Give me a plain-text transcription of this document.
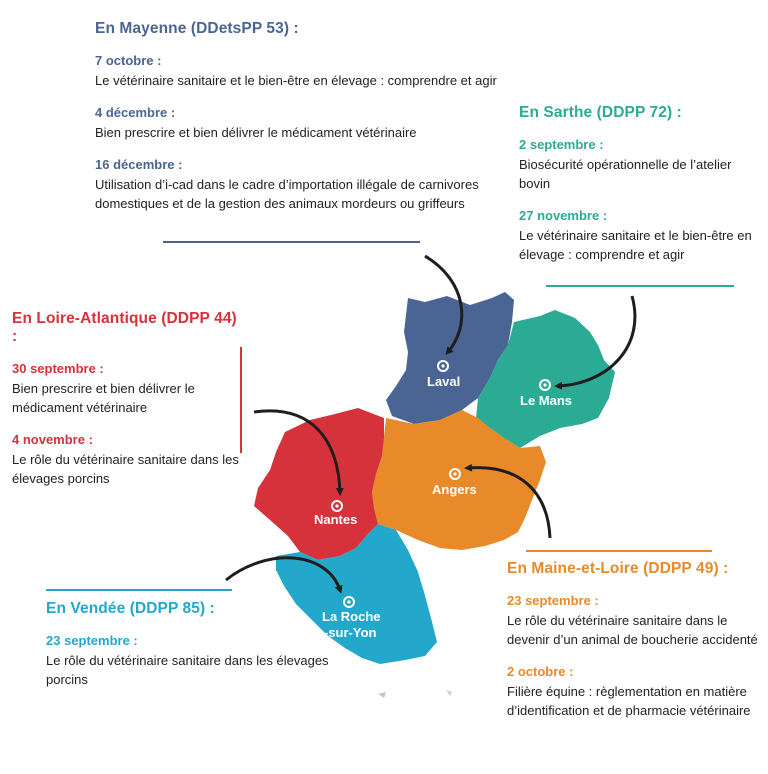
Laval
Le Mans
Angers
Nantes
La Roche
-sur-Yon
En Mayenne (DDetsPP 53) :
7 octobre :
Le vétérinaire sanitaire et le bien-être en élevage : comprendre et agir
4 décembre :
Bien prescrire et bien délivrer le médicament vétérinaire
16 décembre :
Utilisation d’i-cad dans le cadre d’importation illégale de carnivores domestiques et de la gestion des animaux mordeurs ou griffeurs
En Sarthe (DDPP 72) :
2 septembre :
Biosécurité opérationnelle de l’atelier bovin
27 novembre :
Le vétérinaire sanitaire et le bien-être en élevage : comprendre et agir
En Loire-Atlantique (DDPP 44) :
30 septembre :
Bien prescrire et bien délivrer le médicament vétérinaire
4 novembre :
Le rôle du vétérinaire sanitaire dans les élevages porcins
En Maine-et-Loire (DDPP 49) :
23 septembre :
Le rôle du vétérinaire sanitaire dans le devenir d’un animal de boucherie accidenté
2 octobre :
Filière équine : règlementation en matière d’identification et de pharmacie vétérinaire
En Vendée (DDPP 85) :
23 septembre :
Le rôle du vétérinaire sanitaire dans les élevages porcins
